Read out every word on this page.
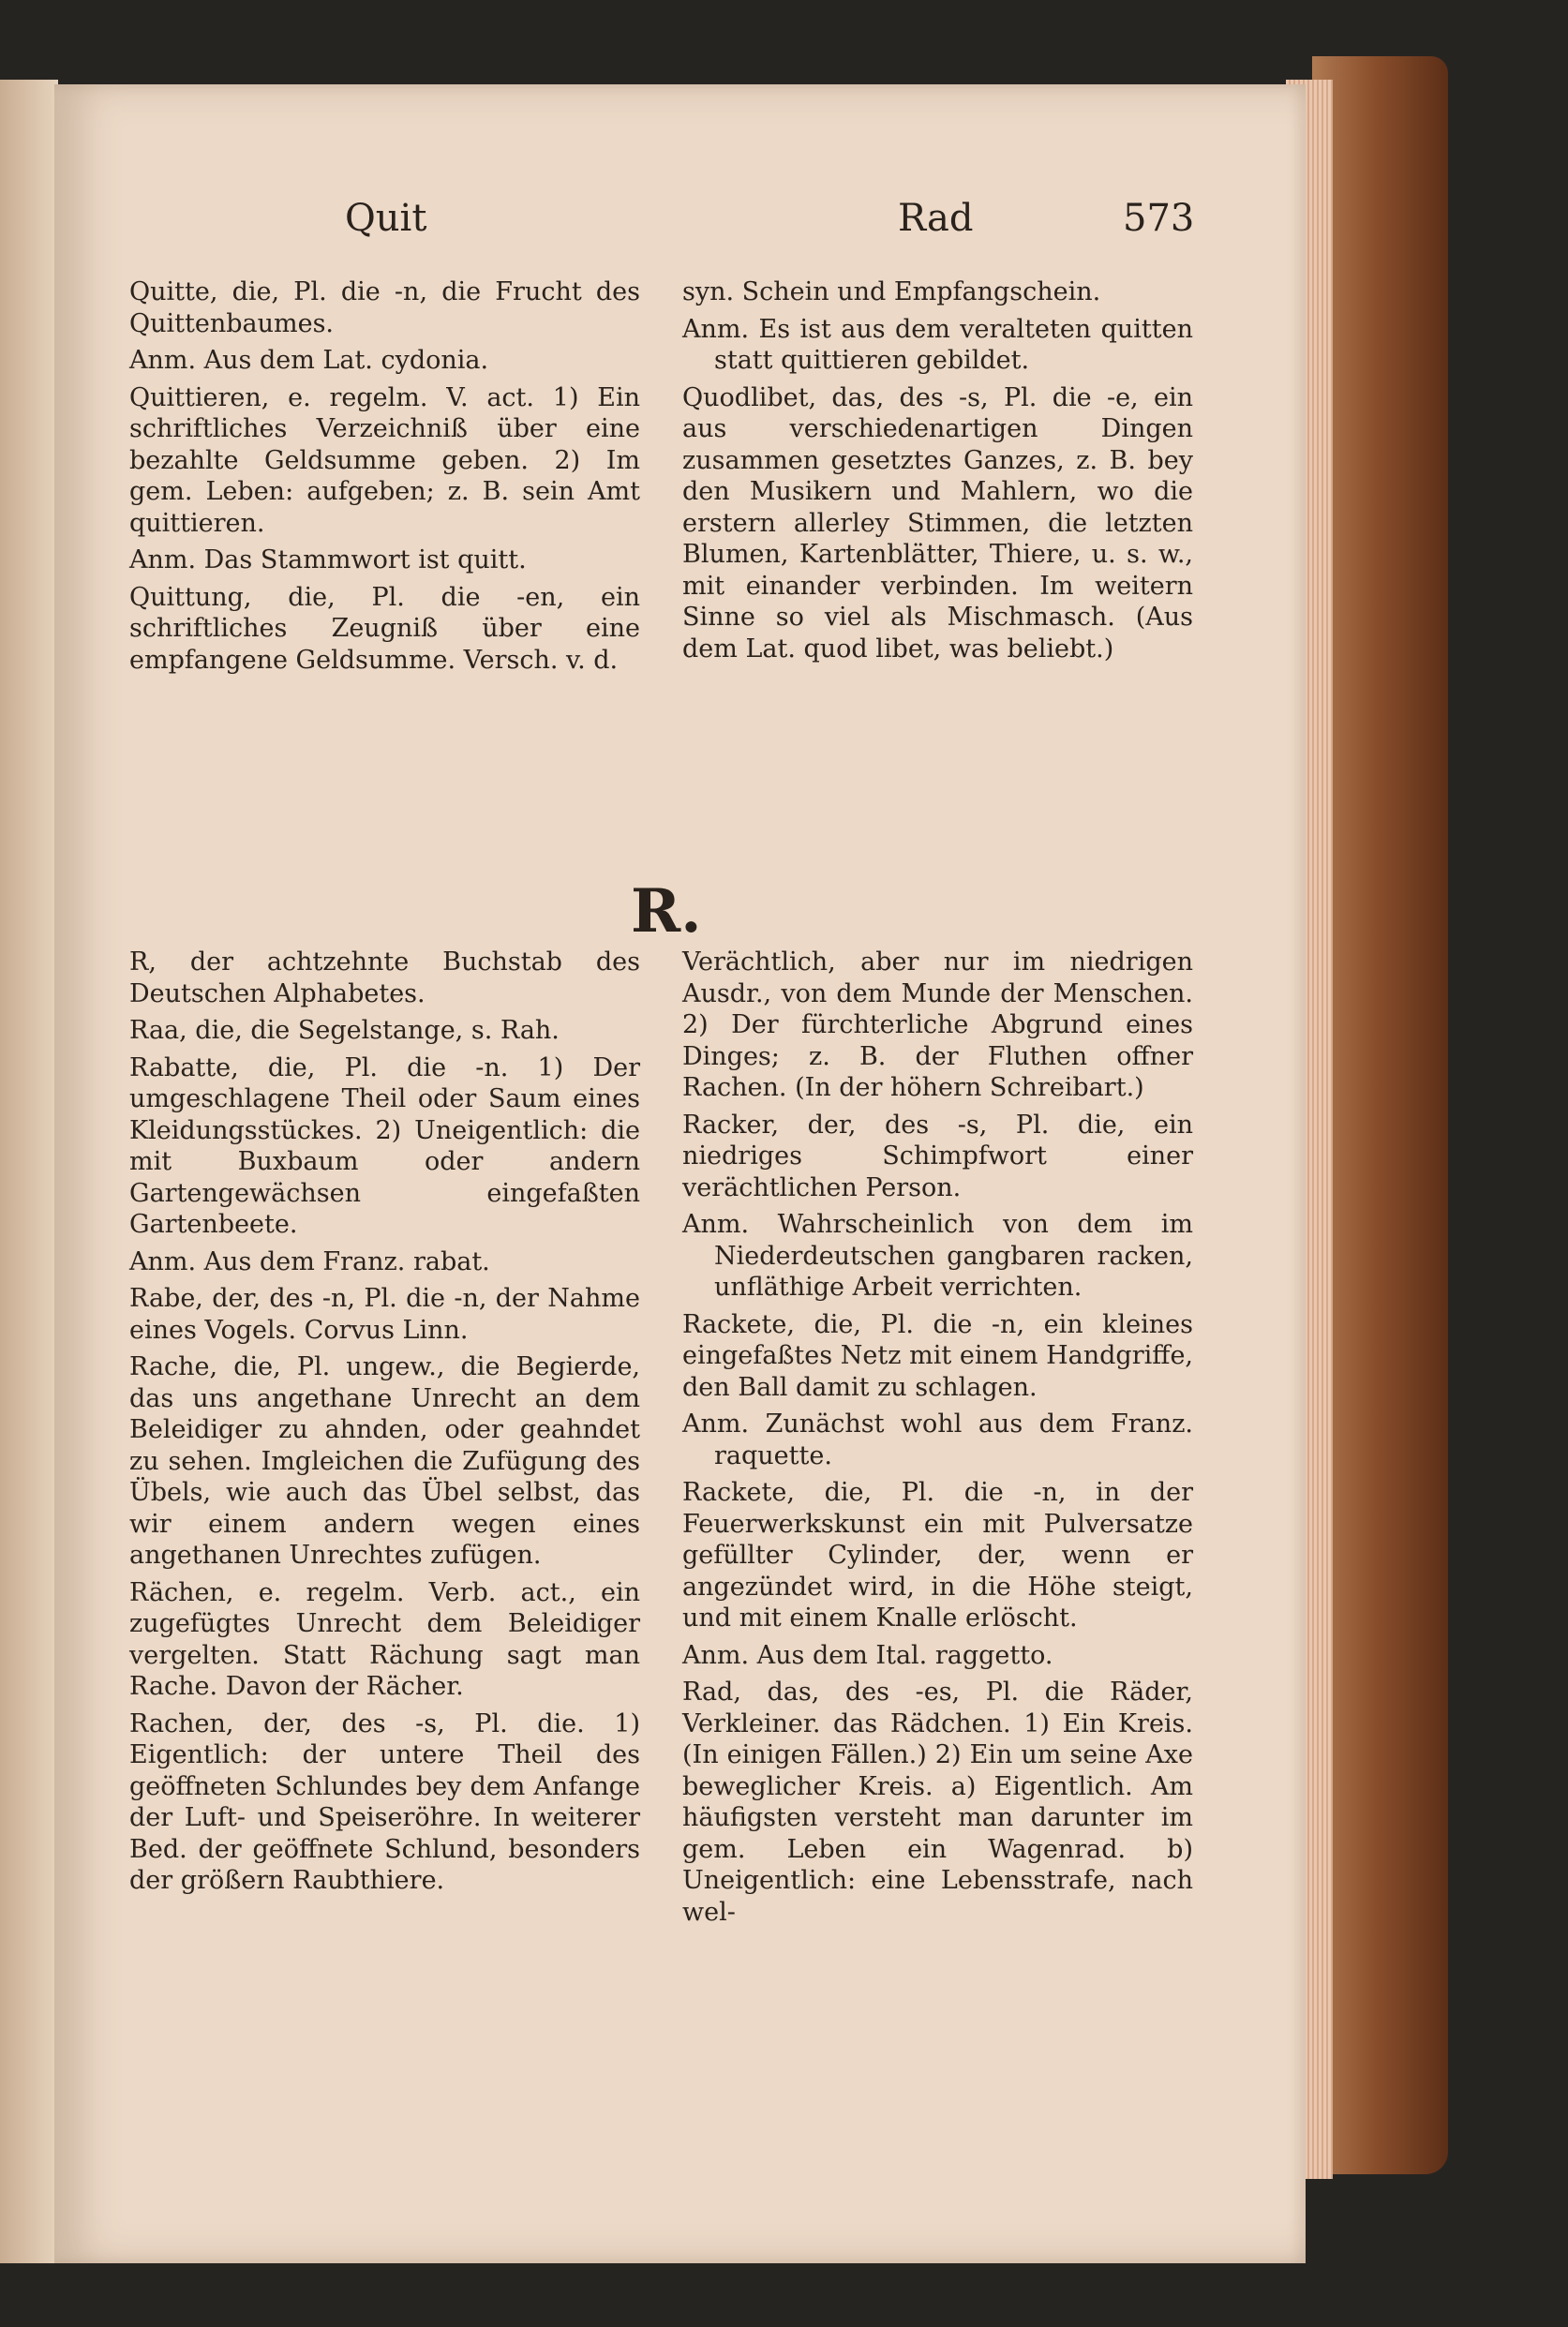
Quit	Rad	573

Quitte, die, Pl. die -n, die Frucht des Quittenbaumes.

Anm. Aus dem Lat. cydonia.

Quittieren, e. regelm. V. act. 1) Ein schriftliches Verzeichniß über eine bezahlte Geldsumme geben. 2) Im gem. Leben: aufgeben; z. B. sein Amt quittieren.

Anm. Das Stammwort ist quitt.

Quittung, die, Pl. die -en, ein schriftliches Zeugniß über eine empfangene Geldsumme. Versch. v. d.

syn. Schein und Empfangschein.

Anm. Es ist aus dem veralteten quitten statt quittieren gebildet.

Quodlibet, das, des -s, Pl. die -e, ein aus verschiedenartigen Dingen zusammen gesetztes Ganzes, z. B. bey den Musikern und Mahlern, wo die erstern allerley Stimmen, die letzten Blumen, Kartenblätter, Thiere, u. s. w., mit einander verbinden. Im weitern Sinne so viel als Mischmasch. (Aus dem Lat. quod libet, was beliebt.)

R.

R, der achtzehnte Buchstab des Deutschen Alphabetes.

Raa, die, die Segelstange, s. Rah.

Rabatte, die, Pl. die -n. 1) Der umgeschlagene Theil oder Saum eines Kleidungsstückes. 2) Uneigentlich: die mit Buxbaum oder andern Gartengewächsen eingefaßten Gartenbeete.

Anm. Aus dem Franz. rabat.

Rabe, der, des -n, Pl. die -n, der Nahme eines Vogels. Corvus Linn.

Rache, die, Pl. ungew., die Begierde, das uns angethane Unrecht an dem Beleidiger zu ahnden, oder geahndet zu sehen. Imgleichen die Zufügung des Übels, wie auch das Übel selbst, das wir einem andern wegen eines angethanen Unrechtes zufügen.

Rächen, e. regelm. Verb. act., ein zugefügtes Unrecht dem Beleidiger vergelten. Statt Rächung sagt man Rache. Davon der Rächer.

Rachen, der, des -s, Pl. die. 1) Eigentlich: der untere Theil des geöffneten Schlundes bey dem Anfange der Luft- und Speiseröhre. In weiterer Bed. der geöffnete Schlund, besonders der größern Raubthiere.

Verächtlich, aber nur im niedrigen Ausdr., von dem Munde der Menschen. 2) Der fürchterliche Abgrund eines Dinges; z. B. der Fluthen offner Rachen. (In der höhern Schreibart.)

Racker, der, des -s, Pl. die, ein niedriges Schimpfwort einer verächtlichen Person.

Anm. Wahrscheinlich von dem im Niederdeutschen gangbaren racken, unfläthige Arbeit verrichten.

Rackete, die, Pl. die -n, ein kleines eingefaßtes Netz mit einem Handgriffe, den Ball damit zu schlagen.

Anm. Zunächst wohl aus dem Franz. raquette.

Rackete, die, Pl. die -n, in der Feuerwerkskunst ein mit Pulversatze gefüllter Cylinder, der, wenn er angezündet wird, in die Höhe steigt, und mit einem Knalle erlöscht.

Anm. Aus dem Ital. raggetto.

Rad, das, des -es, Pl. die Räder, Verkleiner. das Rädchen. 1) Ein Kreis. (In einigen Fällen.) 2) Ein um seine Axe beweglicher Kreis. a) Eigentlich. Am häufigsten versteht man darunter im gem. Leben ein Wagenrad. b) Uneigentlich: eine Lebensstrafe, nach wel-
